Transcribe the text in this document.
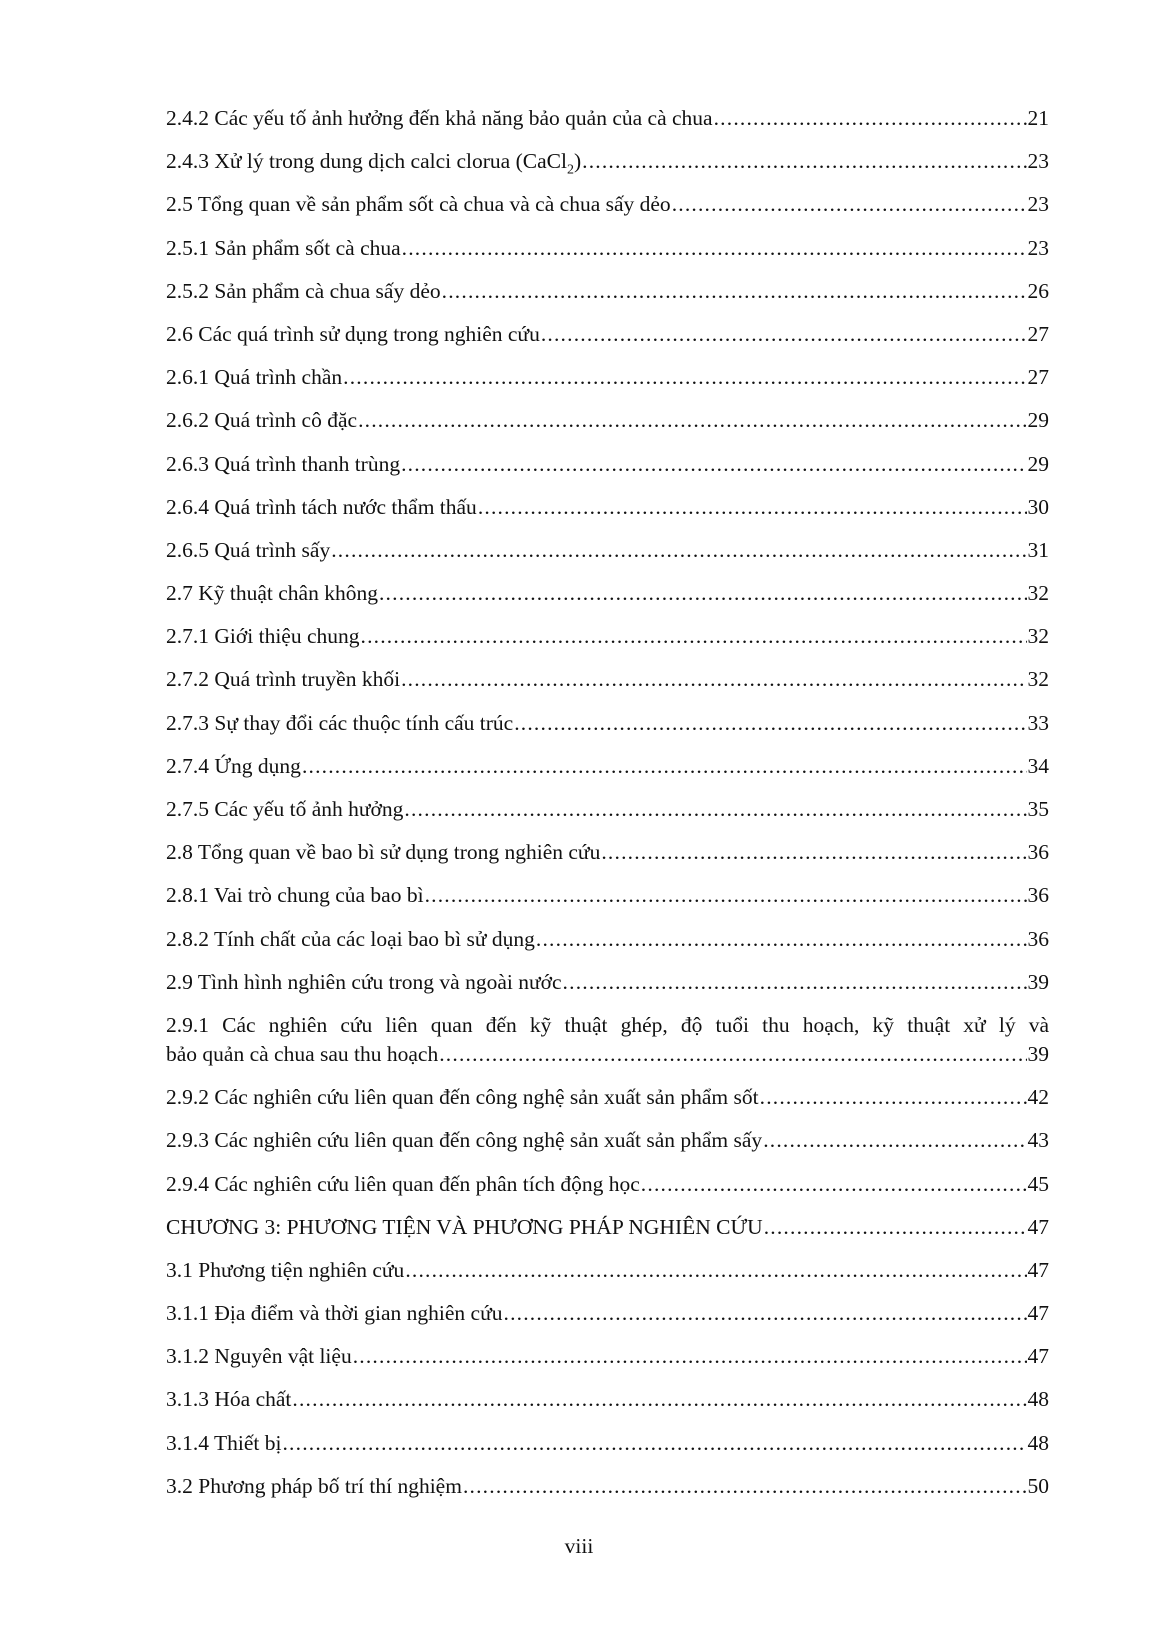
2.4.2 Các yếu tố ảnh hưởng đến khả năng bảo quản của cà chua .....	21
2.4.3 Xử lý trong dung dịch calci clorua (CaCl$_2$) .....	23
2.5 Tổng quan về sản phẩm sốt cà chua và cà chua sấy dẻo .....	23
2.5.1 Sản phẩm sốt cà chua .....	23
2.5.2 Sản phẩm cà chua sấy dẻo .....	26
2.6 Các quá trình sử dụng trong nghiên cứu .....	27
2.6.1 Quá trình chần .....	27
2.6.2 Quá trình cô đặc .....	29
2.6.3 Quá trình thanh trùng .....	29
2.6.4 Quá trình tách nước thẩm thấu .....	30
2.6.5 Quá trình sấy .....	31
2.7 Kỹ thuật chân không .....	32
2.7.1 Giới thiệu chung .....	32
2.7.2 Quá trình truyền khối .....	32
2.7.3 Sự thay đổi các thuộc tính cấu trúc .....	33
2.7.4 Ứng dụng .....	34
2.7.5 Các yếu tố ảnh hưởng .....	35
2.8 Tổng quan về bao bì sử dụng trong nghiên cứu .....	36
2.8.1 Vai trò chung của bao bì .....	36
2.8.2 Tính chất của các loại bao bì sử dụng .....	36
2.9 Tình hình nghiên cứu trong và ngoài nước .....	39
2.9.1 Các nghiên cứu liên quan đến kỹ thuật ghép, độ tuổi thu hoạch, kỹ thuật xử lý và
bảo quản cà chua sau thu hoạch .....	39
2.9.2 Các nghiên cứu liên quan đến công nghệ sản xuất sản phẩm sốt .....	42
2.9.3 Các nghiên cứu liên quan đến công nghệ sản xuất sản phẩm sấy .....	43
2.9.4 Các nghiên cứu liên quan đến phân tích động học .....	45
CHƯƠNG 3: PHƯƠNG TIỆN VÀ PHƯƠNG PHÁP NGHIÊN CỨU .....	47
3.1 Phương tiện nghiên cứu .....	47
3.1.1 Địa điểm và thời gian nghiên cứu .....	47
3.1.2 Nguyên vật liệu .....	47
3.1.3 Hóa chất .....	48
3.1.4 Thiết bị .....	48
3.2 Phương pháp bố trí thí nghiệm .....	50
viii
